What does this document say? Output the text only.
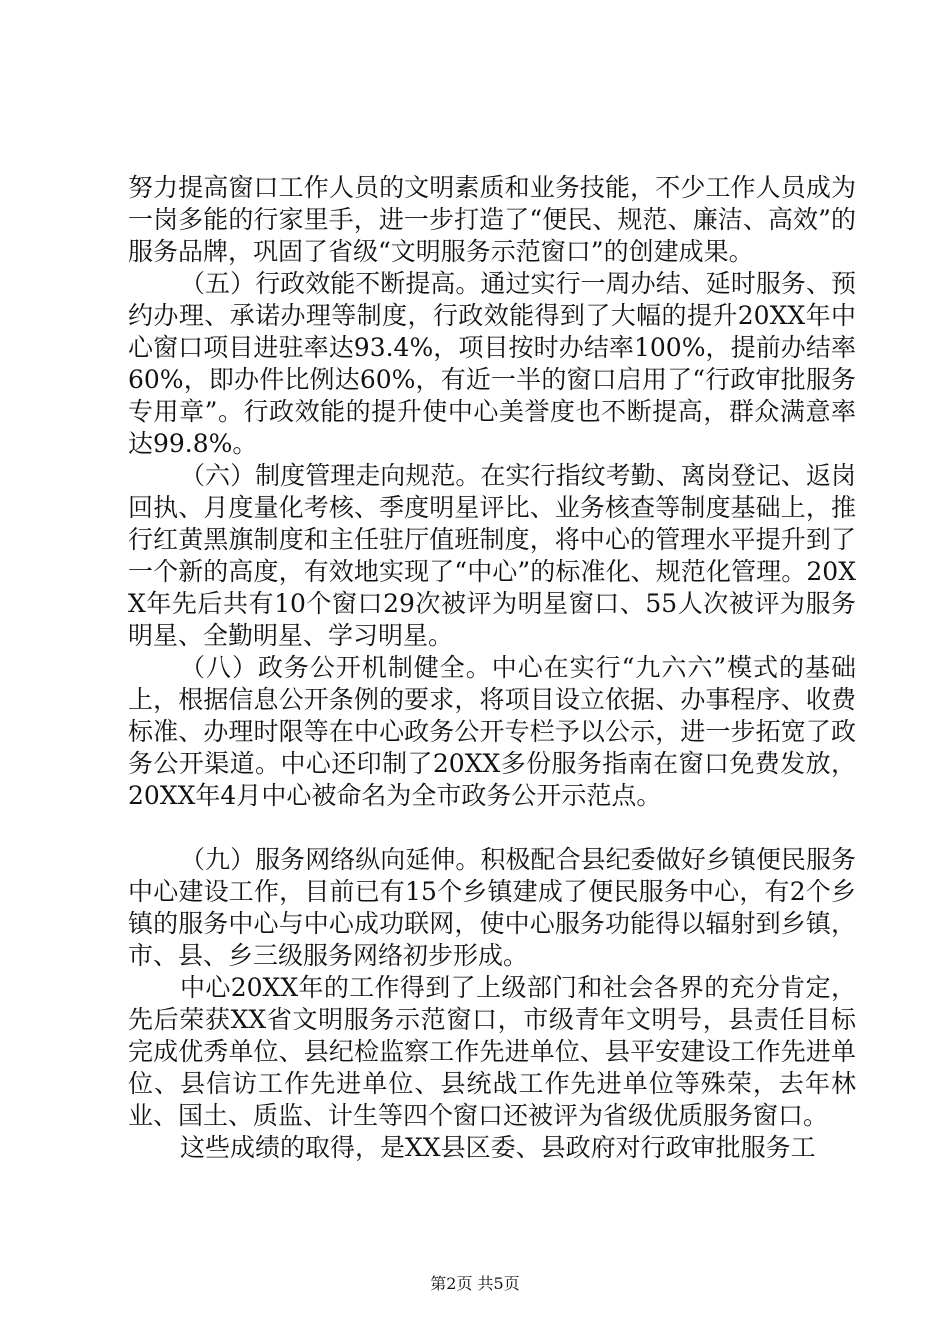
努力提高窗口工作人员的文明素质和业务技能，不少工作人员成为一岗多能的行家里手，进一步打造了“便民、规范、廉洁、高效”的服务品牌，巩固了省级“文明服务示范窗口”的创建成果。

（五）行政效能不断提高。通过实行一周办结、延时服务、预约办理、承诺办理等制度，行政效能得到了大幅的提升20XX年中心窗口项目进驻率达93.4%，项目按时办结率100%，提前办结率60%，即办件比例达60%，有近一半的窗口启用了“行政审批服务专用章”。行政效能的提升使中心美誉度也不断提高，群众满意率达99.8%。

（六）制度管理走向规范。在实行指纹考勤、离岗登记、返岗回执、月度量化考核、季度明星评比、业务核查等制度基础上，推行红黄黑旗制度和主任驻厅值班制度，将中心的管理水平提升到了一个新的高度，有效地实现了“中心”的标准化、规范化管理。20XX年先后共有10个窗口29次被评为明星窗口、55人次被评为服务明星、全勤明星、学习明星。

（八）政务公开机制健全。中心在实行“九六六”模式的基础上，根据信息公开条例的要求，将项目设立依据、办事程序、收费标准、办理时限等在中心政务公开专栏予以公示，进一步拓宽了政务公开渠道。中心还印制了20XX多份服务指南在窗口免费发放，20XX年4月中心被命名为全市政务公开示范点。

（九）服务网络纵向延伸。积极配合县纪委做好乡镇便民服务中心建设工作，目前已有15个乡镇建成了便民服务中心，有2个乡镇的服务中心与中心成功联网，使中心服务功能得以辐射到乡镇，市、县、乡三级服务网络初步形成。

中心20XX年的工作得到了上级部门和社会各界的充分肯定，先后荣获XX省文明服务示范窗口，市级青年文明号，县责任目标完成优秀单位、县纪检监察工作先进单位、县平安建设工作先进单位、县信访工作先进单位、县统战工作先进单位等殊荣，去年林业、国土、质监、计生等四个窗口还被评为省级优质服务窗口。

这些成绩的取得，是XX县区委、县政府对行政审批服务工

第2页 共5页
